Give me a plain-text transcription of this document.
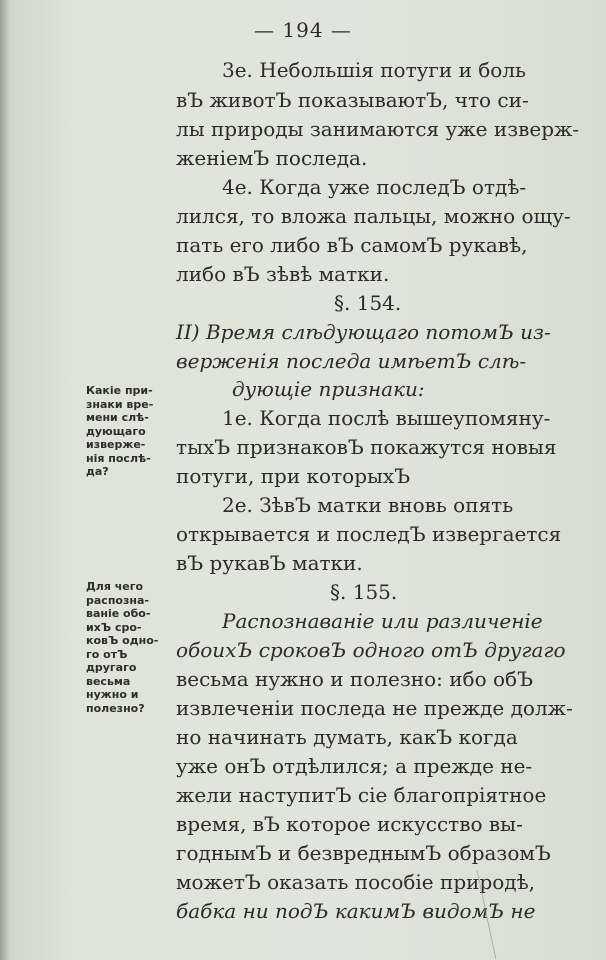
— 194 —
3е. Небольшія потуги и боль
вЪ животЪ показываютЪ, что си-
лы природы занимаются уже изверж-
женіемЪ последа.
4е. Когда уже последЪ отдѣ-
лился, то вложа пальцы, можно ощу-
пать его либо вЪ самомЪ рукавѣ,
либо вЪ зѣвѣ матки.
§. 154.
II) Время слѣдующаго потомЪ из-
верженія последа имѣетЪ слѣ-
дующіе признаки:
1е. Когда послѣ вышеупомяну-
тыхЪ признаковЪ покажутся новыя
потуги, при которыхЪ
2е. ЗѣвЪ матки вновь опять
открывается и последЪ извергается
вЪ рукавЪ матки.
§. 155.
Распознаваніе или различеніе
обоихЪ сроковЪ одного отЪ другаго
весьма нужно и полезно: ибо обЪ
извлеченіи последа не прежде долж-
но начинать думать, какЪ когда
уже онЪ отдѣлился; а прежде не-
жели наступитЪ сіе благопріятное
время, вЪ которое искусство вы-
годнымЪ и безвреднымЪ образомЪ
можетЪ оказать пособіе природѣ,
бабка ни подЪ какимЪ видомЪ не
Какіе при-
знаки вре-
мени слѣ-
дующаго
изверже-
нія послѣ-
да?
Для чего
распозна-
ваніе обо-
ихЪ сро-
ковЪ одно-
го отЪ
другаго
весьма
нужно и
полезно?
